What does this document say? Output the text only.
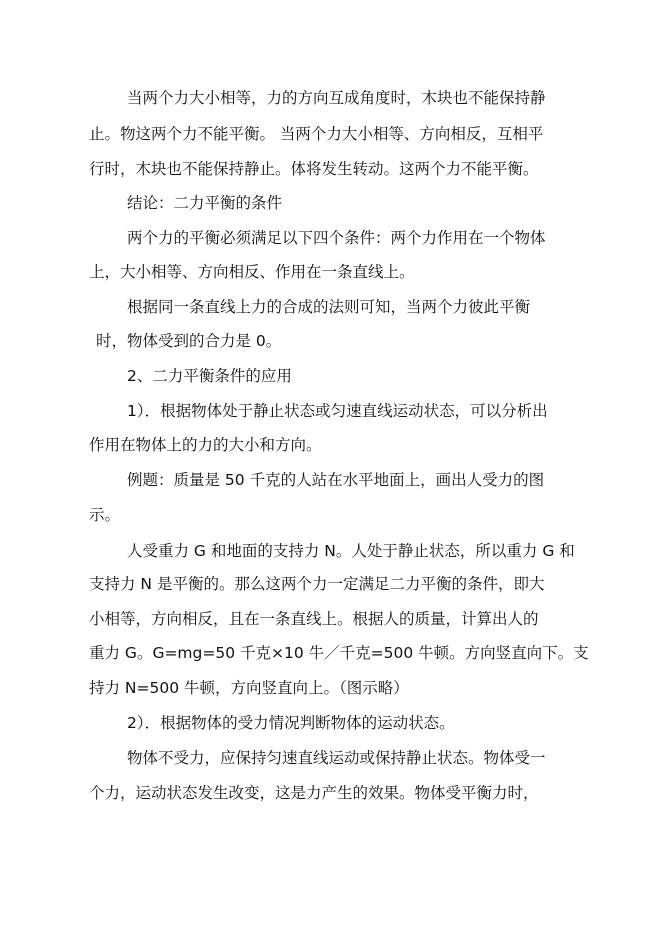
当两个力大小相等，力的方向互成角度时，木块也不能保持静

止。物这两个力不能平衡。 当两个力大小相等、方向相反，互相平

行时，木块也不能保持静止。体将发生转动。这两个力不能平衡。

结论：二力平衡的条件

两个力的平衡必须满足以下四个条件：两个力作用在一个物体

上，大小相等、方向相反、作用在一条直线上。

根据同一条直线上力的合成的法则可知，当两个力彼此平衡

时，物体受到的合力是 0。

2、二力平衡条件的应用

1）．根据物体处于静止状态或匀速直线运动状态，可以分析出

作用在物体上的力的大小和方向。

例题：质量是 50 千克的人站在水平地面上，画出人受力的图

示。

人受重力 G 和地面的支持力 N。人处于静止状态，所以重力 G 和

支持力 N 是平衡的。那么这两个力一定满足二力平衡的条件，即大

小相等，方向相反，且在一条直线上。根据人的质量，计算出人的

重力 G。G=mg=50 千克×10 牛／千克=500 牛顿。方向竖直向下。支

持力 N=500 牛顿，方向竖直向上。（图示略）

2）．根据物体的受力情况判断物体的运动状态。

物体不受力，应保持匀速直线运动或保持静止状态。物体受一

个力，运动状态发生改变，这是力产生的效果。物体受平衡力时，
